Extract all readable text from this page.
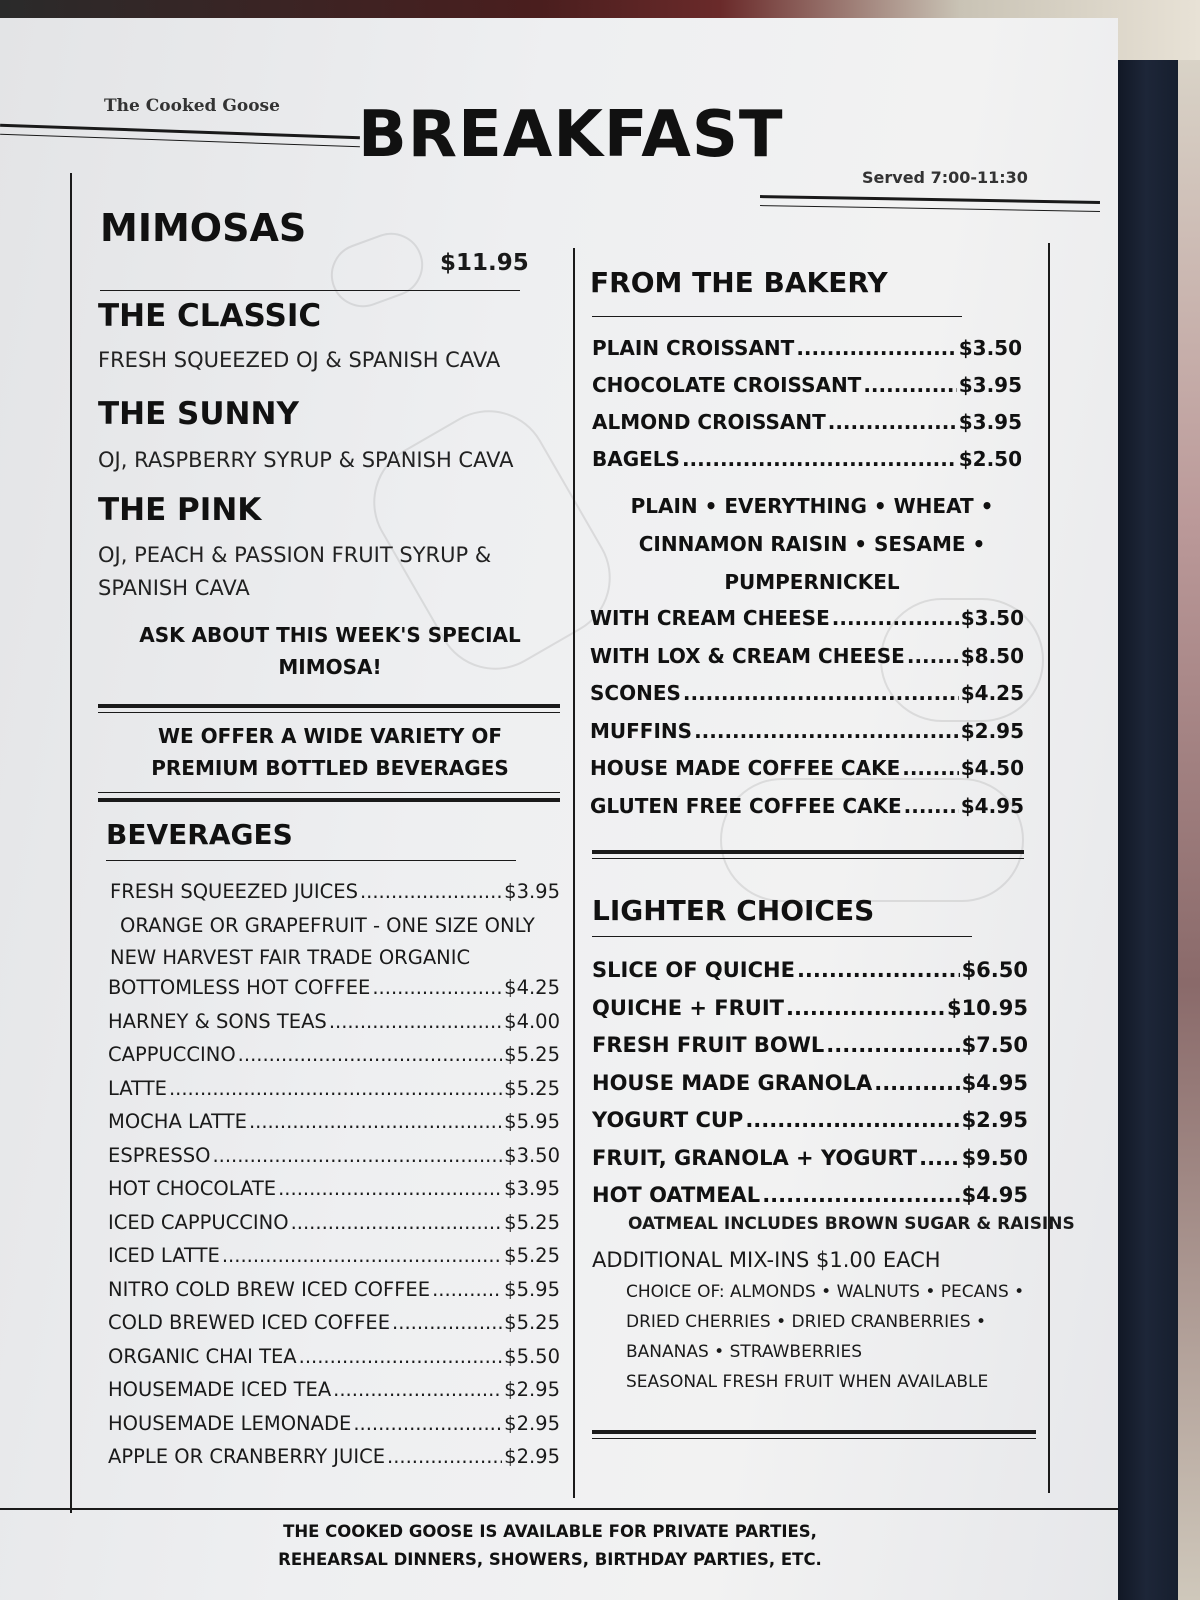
The Cooked Goose BREAKFAST
Served 7:00-11:30
MIMOSAS
$11.95
THE CLASSIC
FRESH SQUEEZED OJ & SPANISH CAVA
THE SUNNY
OJ, RASPBERRY SYRUP & SPANISH CAVA
THE PINK
OJ, PEACH & PASSION FRUIT SYRUP &
SPANISH CAVA
ASK ABOUT THIS WEEK'S SPECIAL
MIMOSA!
WE OFFER A WIDE VARIETY OF
PREMIUM BOTTLED BEVERAGES
BEVERAGES
FRESH SQUEEZED JUICES .....	$3.95
ORANGE OR GRAPEFRUIT - ONE SIZE ONLY
NEW HARVEST FAIR TRADE ORGANIC
BOTTOMLESS HOT COFFEE .....	$4.25
HARNEY & SONS TEAS .....	$4.00
CAPPUCCINO .....	$5.25
LATTE .....	$5.25
MOCHA LATTE .....	$5.95
ESPRESSO .....	$3.50
HOT CHOCOLATE .....	$3.95
ICED CAPPUCCINO .....	$5.25
ICED LATTE .....	$5.25
NITRO COLD BREW ICED COFFEE .....	$5.95
COLD BREWED ICED COFFEE .....	$5.25
ORGANIC CHAI TEA .....	$5.50
HOUSEMADE ICED TEA .....	$2.95
HOUSEMADE LEMONADE .....	$2.95
APPLE OR CRANBERRY JUICE .....	$2.95
FROM THE BAKERY
PLAIN CROISSANT .....	$3.50
CHOCOLATE CROISSANT .....	$3.95
ALMOND CROISSANT .....	$3.95
BAGELS .....	$2.50
PLAIN • EVERYTHING • WHEAT •
CINNAMON RAISIN • SESAME •
PUMPERNICKEL
WITH CREAM CHEESE .....	$3.50
WITH LOX & CREAM CHEESE .....	$8.50
SCONES .....	$4.25
MUFFINS .....	$2.95
HOUSE MADE COFFEE CAKE .....	$4.50
GLUTEN FREE COFFEE CAKE .....	$4.95
LIGHTER CHOICES
SLICE OF QUICHE .....	$6.50
QUICHE + FRUIT .....	$10.95
FRESH FRUIT BOWL .....	$7.50
HOUSE MADE GRANOLA .....	$4.95
YOGURT CUP .....	$2.95
FRUIT, GRANOLA + YOGURT ..... $9.50
HOT OATMEAL .....	$4.95
OATMEAL INCLUDES BROWN SUGAR & RAISINS
ADDITIONAL MIX-INS $1.00 EACH
CHOICE OF: ALMONDS • WALNUTS • PECANS •
DRIED CHERRIES • DRIED CRANBERRIES •
BANANAS • STRAWBERRIES
SEASONAL FRESH FRUIT WHEN AVAILABLE
THE COOKED GOOSE IS AVAILABLE FOR PRIVATE PARTIES,
REHEARSAL DINNERS, SHOWERS, BIRTHDAY PARTIES, ETC.
